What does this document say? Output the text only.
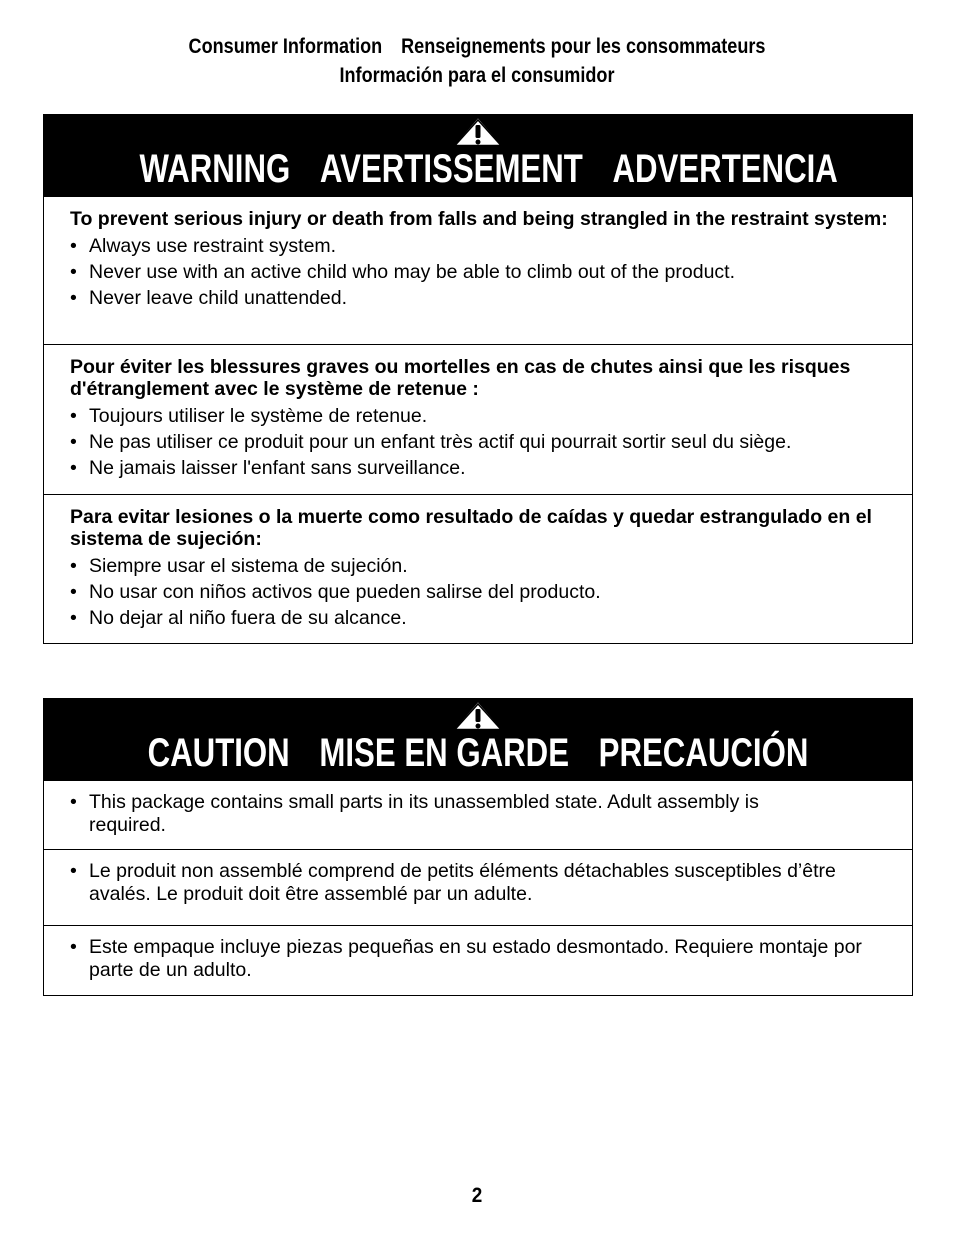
Consumer Information Renseignements pour les consommateurs
Información para el consumidor
WARNING AVERTISSEMENT ADVERTENCIA

To prevent serious injury or death from falls and being strangled in the restraint system:

• Always use restraint system.
• Never use with an active child who may be able to climb out of the product.
• Never leave child unattended.

Pour éviter les blessures graves ou mortelles en cas de chutes ainsi que les risques d'étranglement avec le système de retenue :

• Toujours utiliser le système de retenue.
• Ne pas utiliser ce produit pour un enfant très actif qui pourrait sortir seul du siège.
• Ne jamais laisser l'enfant sans surveillance.

Para evitar lesiones o la muerte como resultado de caídas y quedar estrangulado en el sistema de sujeción:

• Siempre usar el sistema de sujeción.
• No usar con niños activos que pueden salirse del producto.
• No dejar al niño fuera de su alcance.
CAUTION MISE EN GARDE PRECAUCIÓN
• This package contains small parts in its unassembled state. Adult assembly is required.
• Le produit non assemblé comprend de petits éléments détachables susceptibles d’être avalés. Le produit doit être assemblé par un adulte.
• Este empaque incluye piezas pequeñas en su estado desmontado. Requiere montaje por parte de un adulto.
2
